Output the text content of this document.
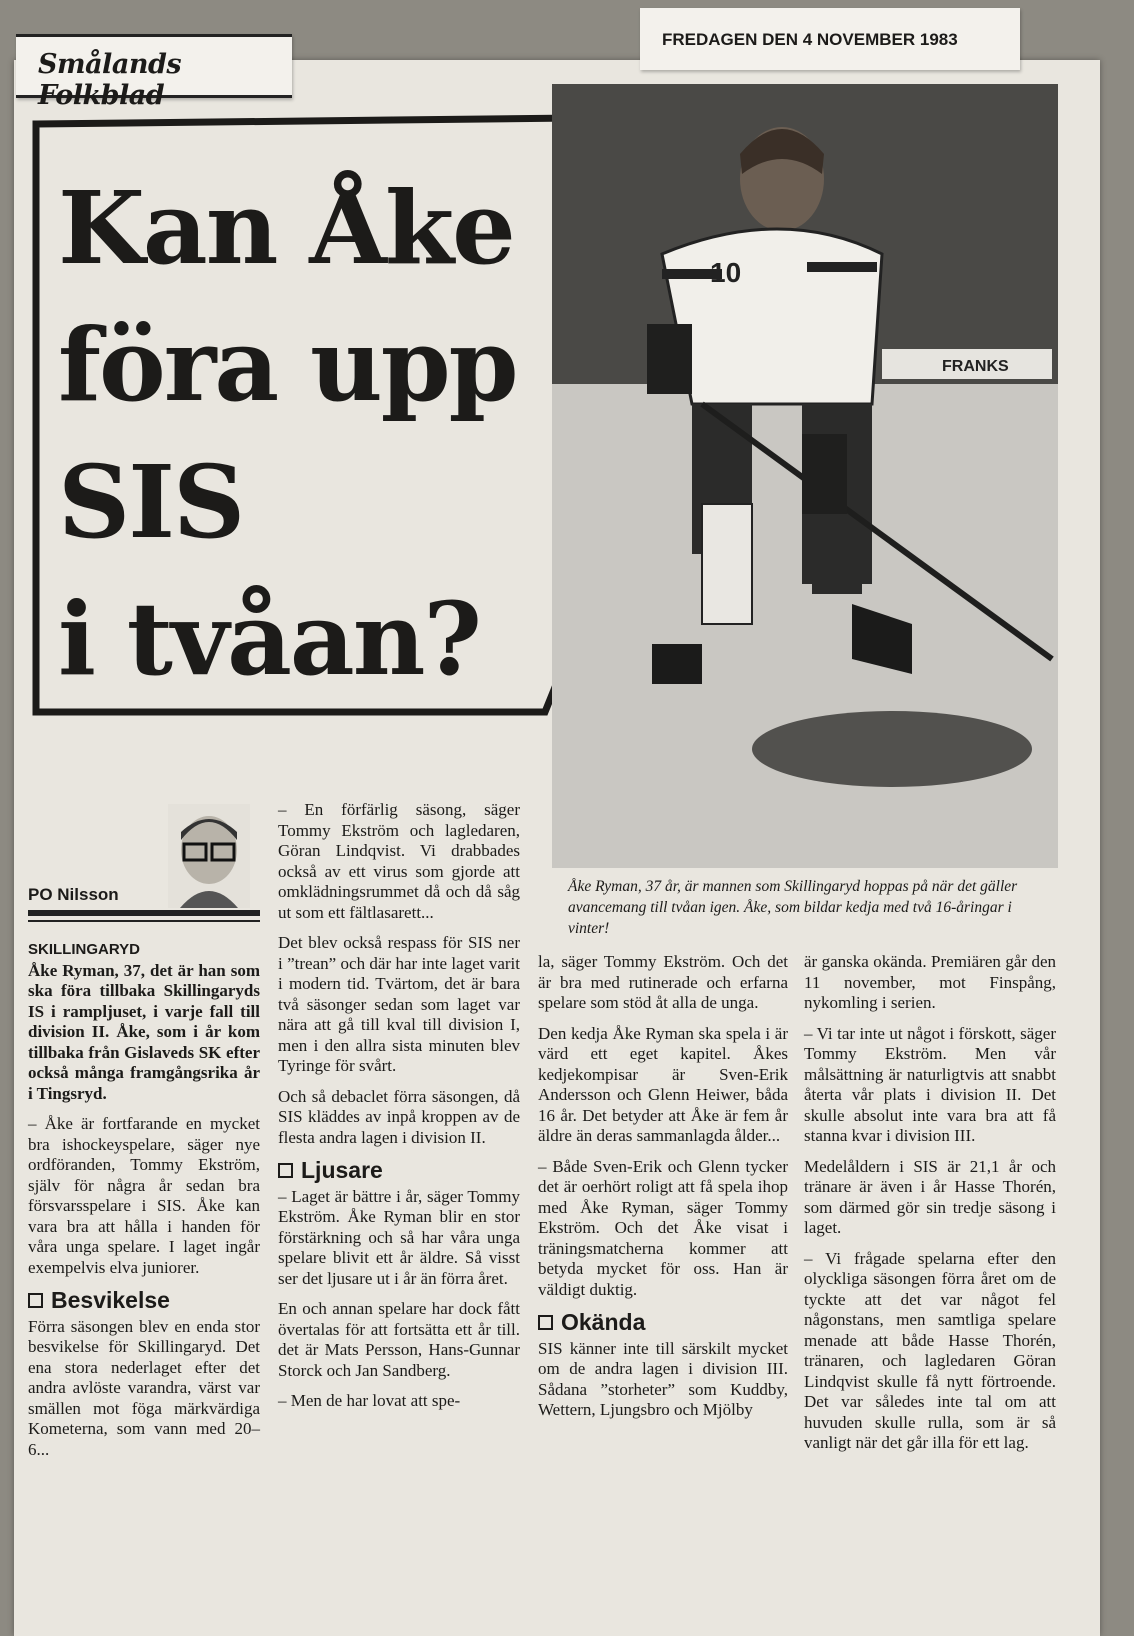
Smålands Folkblad
FREDAGEN DEN 4 NOVEMBER 1983
Kan Åke
föra upp
SIS
i tvåan?
FRANKS
10
Åke Ryman, 37 år, är mannen som Skillingaryd hoppas på när det gäller avancemang till tvåan igen. Åke, som bildar kedja med två 16-åringar i vinter!
PO Nilsson

SKILLINGARYD
Åke Ryman, 37, det är han som ska föra tillbaka Skillingaryds IS i rampljuset, i varje fall till division II. Åke, som i år kom tillbaka från Gislaveds SK efter också många framgångsrika år i Tingsryd.

– Åke är fortfarande en mycket bra ishockeyspelare, säger nye ordföranden, Tommy Ekström, själv för några år sedan bra försvarsspelare i SIS. Åke kan vara bra att hålla i handen för våra unga spelare. I laget ingår exempelvis elva juniorer.

Besvikelse

Förra säsongen blev en enda stor besvikelse för Skillingaryd. Det ena stora nederlaget efter det andra avlöste varandra, värst var smällen mot föga märkvärdiga Kometerna, som vann med 20–6...

– En förfärlig säsong, säger Tommy Ekström och lagledaren, Göran Lindqvist. Vi drabbades också av ett virus som gjorde att omklädningsrummet då och då såg ut som ett fältlasarett...

Det blev också respass för SIS ner i ”trean” och där har inte laget varit i modern tid. Tvärtom, det är bara två säsonger sedan som laget var nära att gå till kval till division I, men i den allra sista minuten blev Tyringe för svårt.

Och så debaclet förra säsongen, då SIS kläddes av inpå kroppen av de flesta andra lagen i division II.

Ljusare

– Laget är bättre i år, säger Tommy Ekström. Åke Ryman blir en stor förstärkning och så har våra unga spelare blivit ett år äldre. Så visst ser det ljusare ut i år än förra året.

En och annan spelare har dock fått övertalas för att fortsätta ett år till. det är Mats Persson, Hans-Gunnar Storck och Jan Sandberg.

– Men de har lovat att spe-

la, säger Tommy Ekström. Och det är bra med rutinerade och erfarna spelare som stöd åt alla de unga.

Den kedja Åke Ryman ska spela i är värd ett eget kapitel. Åkes kedjekompisar är Sven-Erik Andersson och Glenn Heiwer, båda 16 år. Det betyder att Åke är fem år äldre än deras sammanlagda ålder...

– Både Sven-Erik och Glenn tycker det är oerhört roligt att få spela ihop med Åke Ryman, säger Tommy Ekström. Och det Åke visat i träningsmatcherna kommer att betyda mycket för oss. Han är väldigt duktig.

Okända

SIS känner inte till särskilt mycket om de andra lagen i division III. Sådana ”storheter” som Kuddby, Wettern, Ljungsbro och Mjölby

är ganska okända. Premiären går den 11 november, mot Finspång, nykomling i serien.

– Vi tar inte ut något i förskott, säger Tommy Ekström. Men vår målsättning är naturligtvis att snabbt återta vår plats i division II. Det skulle absolut inte vara bra att få stanna kvar i division III.

Medelåldern i SIS är 21,1 år och tränare är även i år Hasse Thorén, som därmed gör sin tredje säsong i laget.

– Vi frågade spelarna efter den olyckliga säsongen förra året om de tyckte att det var något fel någonstans, men samtliga spelare menade att både Hasse Thorén, tränaren, och lagledaren Göran Lindqvist skulle få nytt förtroende. Det var således inte tal om att huvuden skulle rulla, som är så vanligt när det går illa för ett lag.
